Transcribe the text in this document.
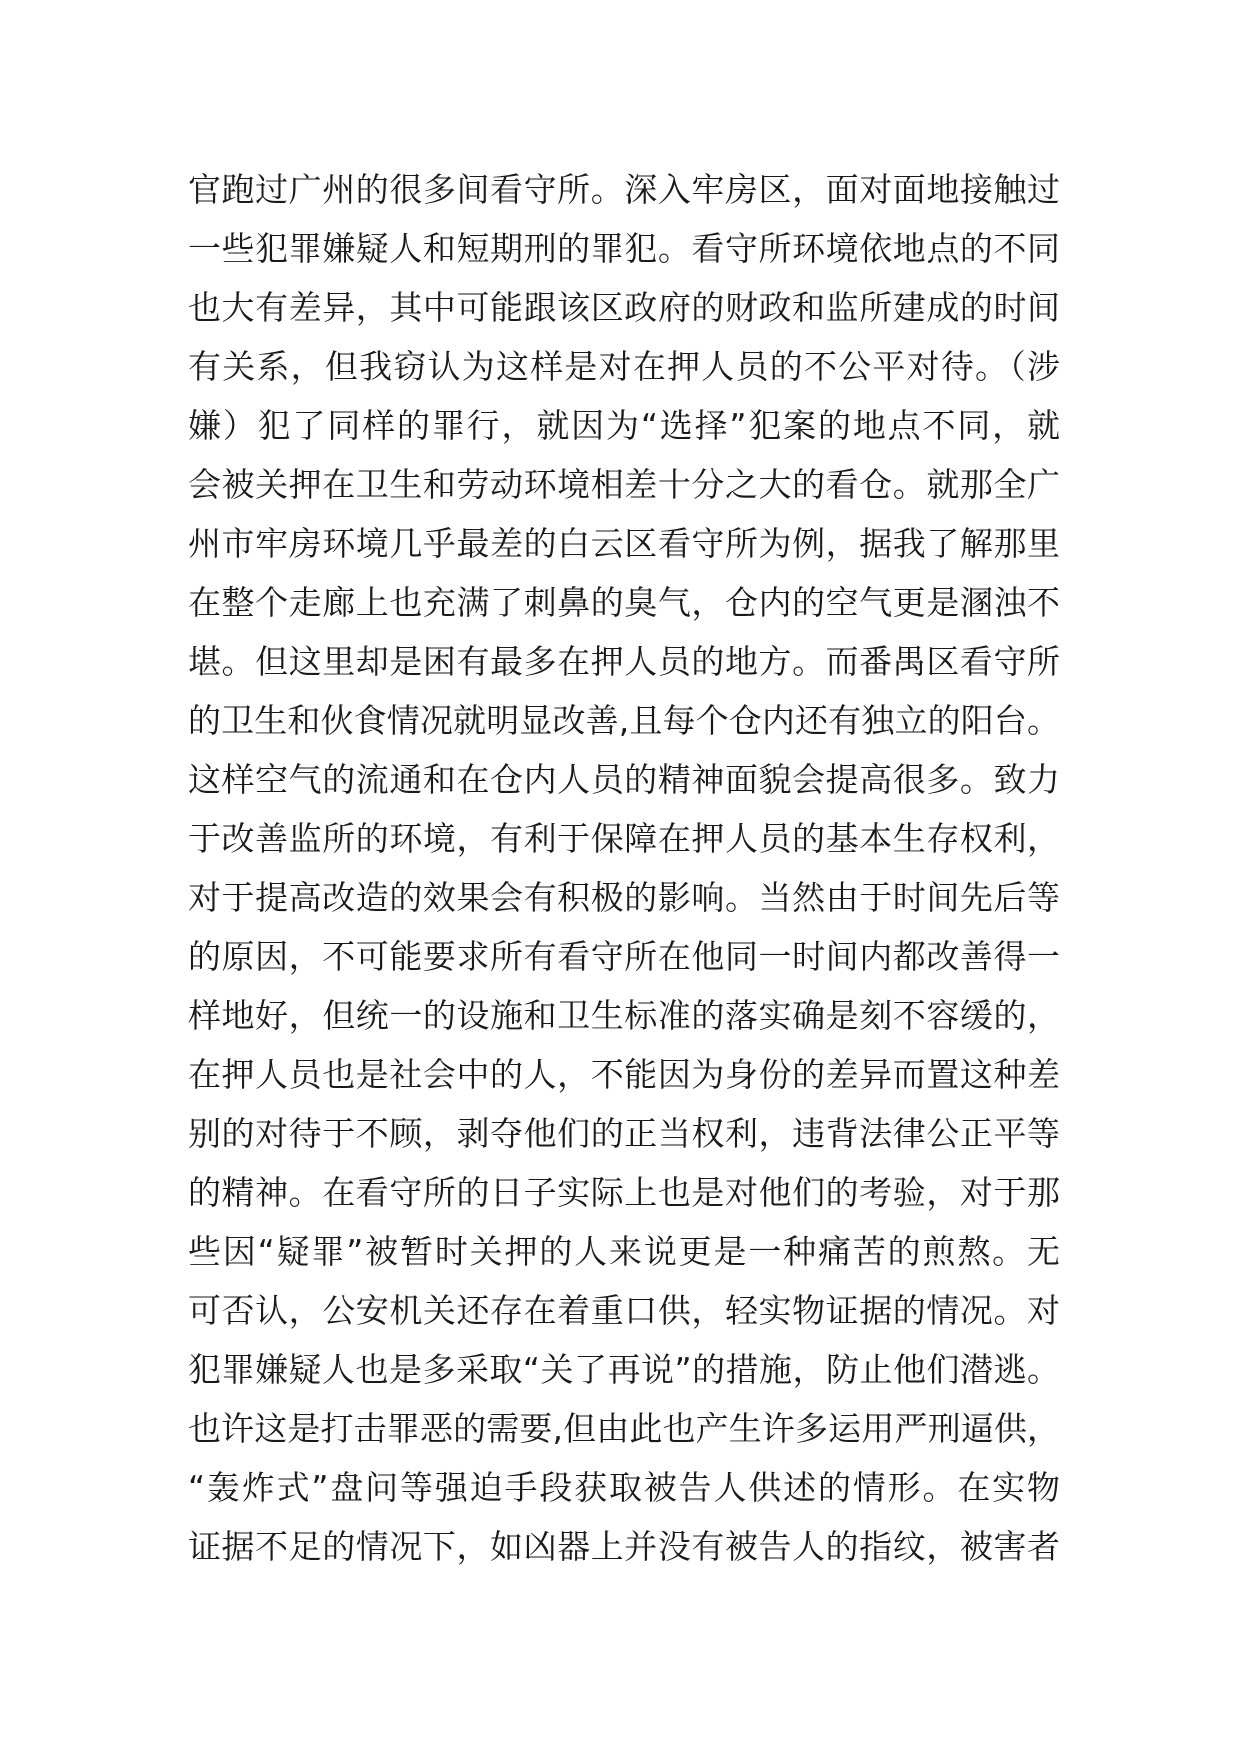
官跑过广州的很多间看守所。深入牢房区，面对面地接触过
一些犯罪嫌疑人和短期刑的罪犯。看守所环境依地点的不同
也大有差异，其中可能跟该区政府的财政和监所建成的时间
有关系，但我窃认为这样是对在押人员的不公平对待。（涉
嫌）犯了同样的罪行，就因为“选择”犯案的地点不同，就
会被关押在卫生和劳动环境相差十分之大的看仓。就那全广
州市牢房环境几乎最差的白云区看守所为例，据我了解那里
在整个走廊上也充满了刺鼻的臭气，仓内的空气更是溷浊不
堪。但这里却是困有最多在押人员的地方。而番禺区看守所
的卫生和伙食情况就明显改善,且每个仓内还有独立的阳台。
这样空气的流通和在仓内人员的精神面貌会提高很多。致力
于改善监所的环境，有利于保障在押人员的基本生存权利，
对于提高改造的效果会有积极的影响。当然由于时间先后等
的原因，不可能要求所有看守所在他同一时间内都改善得一
样地好，但统一的设施和卫生标准的落实确是刻不容缓的，
在押人员也是社会中的人，不能因为身份的差异而置这种差
别的对待于不顾，剥夺他们的正当权利，违背法律公正平等
的精神。在看守所的日子实际上也是对他们的考验，对于那
些因“疑罪”被暂时关押的人来说更是一种痛苦的煎熬。无
可否认，公安机关还存在着重口供，轻实物证据的情况。对
犯罪嫌疑人也是多采取“关了再说”的措施，防止他们潜逃。
也许这是打击罪恶的需要,但由此也产生许多运用严刑逼供，
“轰炸式”盘问等强迫手段获取被告人供述的情形。在实物
证据不足的情况下，如凶器上并没有被告人的指纹，被害者
